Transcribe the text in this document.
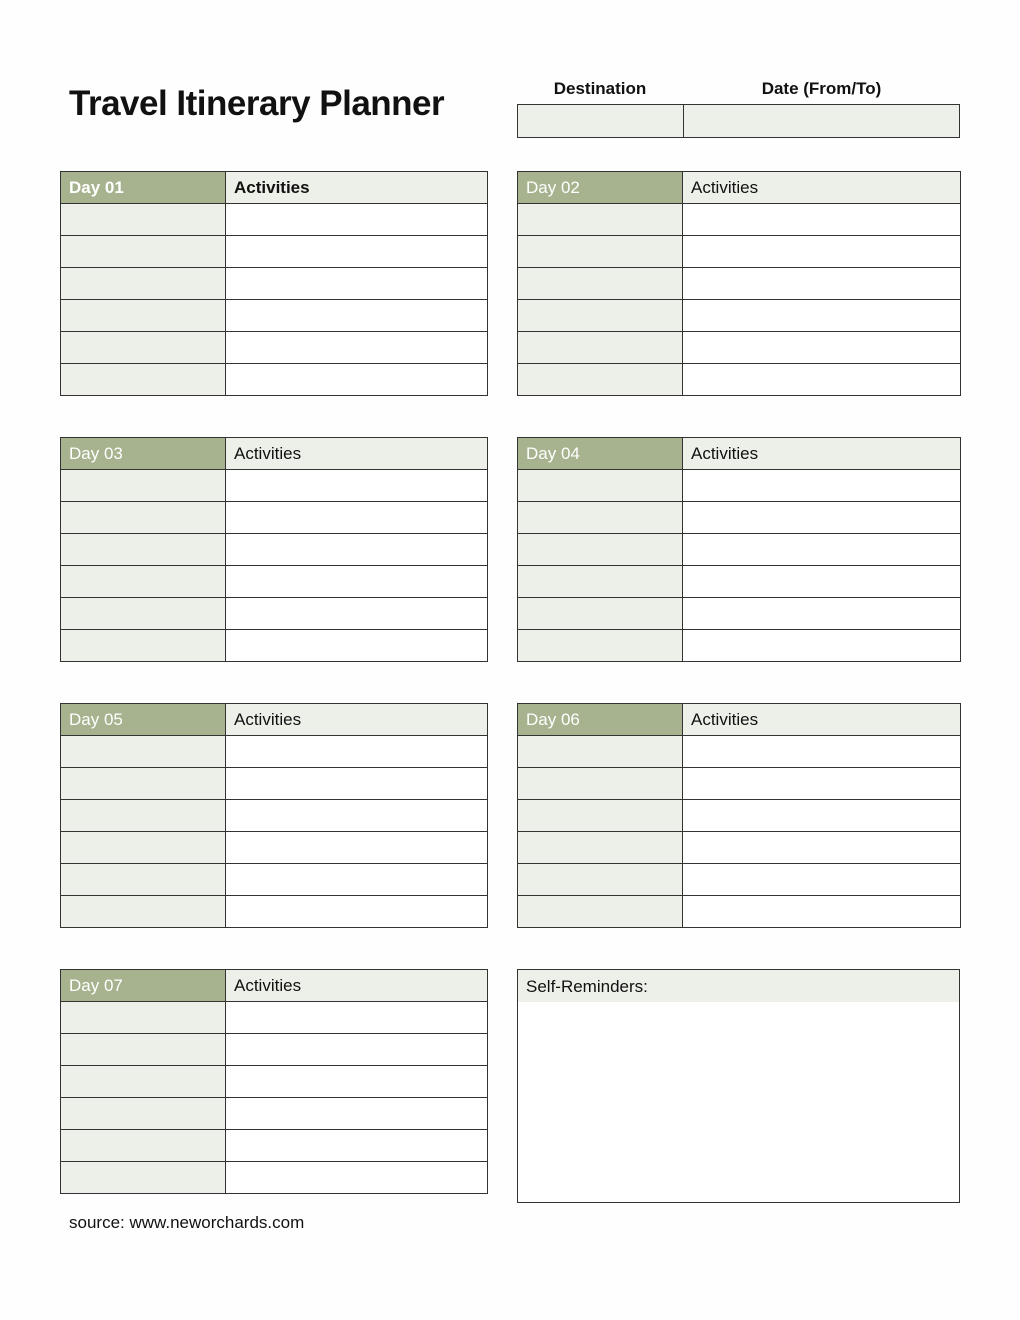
Travel Itinerary Planner	Destination	Date (From/To)
Day 01	Activities

		Day 02	Activities

Day 03	Activities

		Day 04	Activities

Day 05	Activities

		Day 06	Activities

Day 07	Activities

		Self-Reminders:
source: www.neworchards.com
